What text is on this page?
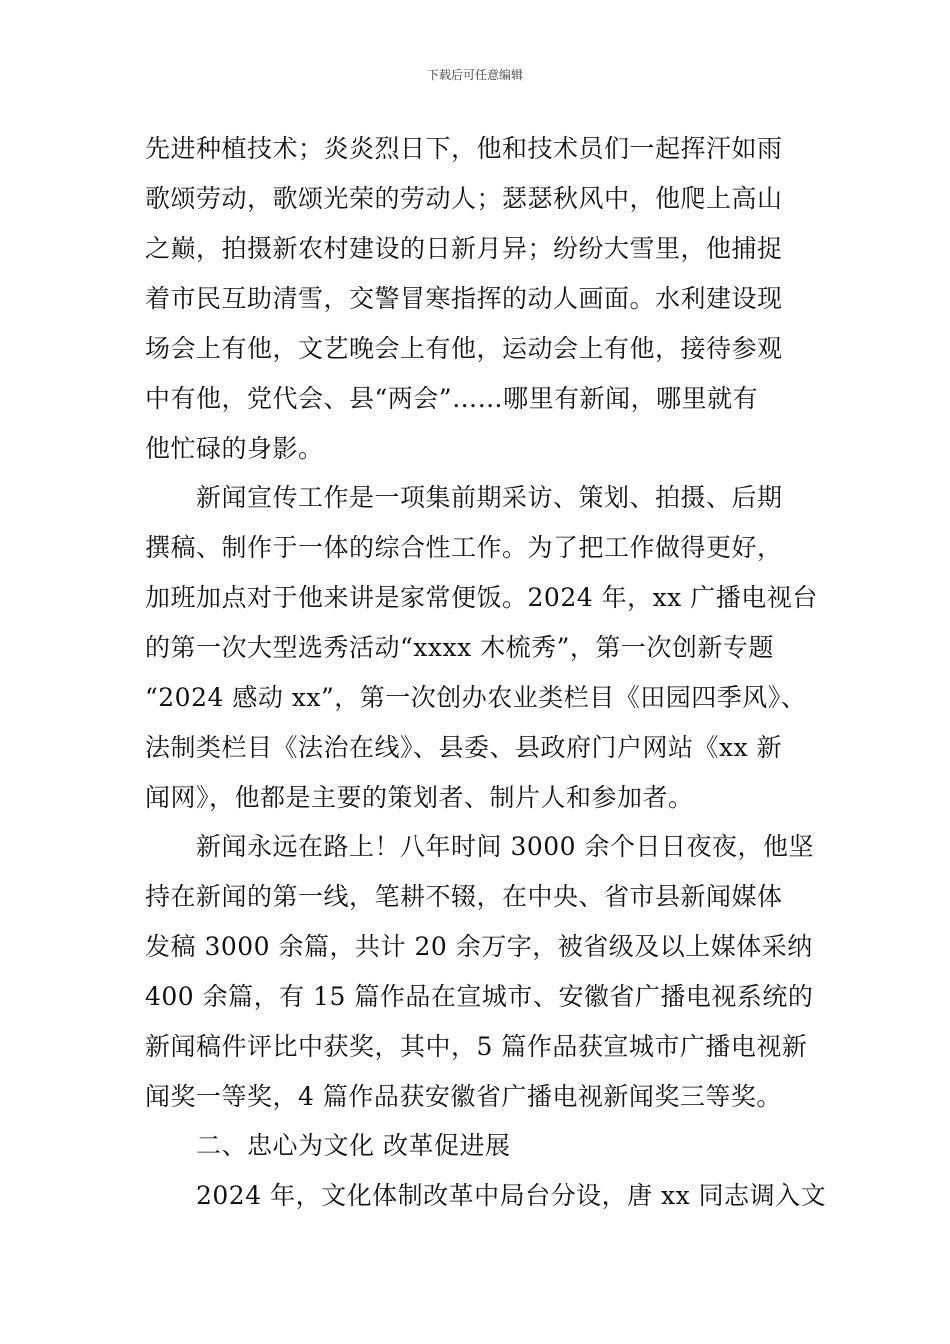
下载后可任意编辑
先进种植技术；炎炎烈日下，他和技术员们一起挥汗如雨
歌颂劳动，歌颂光荣的劳动人；瑟瑟秋风中，他爬上高山
之巅，拍摄新农村建设的日新月异；纷纷大雪里，他捕捉
着市民互助清雪，交警冒寒指挥的动人画面。水利建设现
场会上有他，文艺晚会上有他，运动会上有他，接待参观
中有他，党代会、县“两会”……哪里有新闻，哪里就有
他忙碌的身影。
　　新闻宣传工作是一项集前期采访、策划、拍摄、后期
撰稿、制作于一体的综合性工作。为了把工作做得更好，
加班加点对于他来讲是家常便饭。2024 年，xx 广播电视台
的第一次大型选秀活动“xxxx 木梳秀”，第一次创新专题
“2024 感动 xx”，第一次创办农业类栏目《田园四季风》、
法制类栏目《法治在线》、县委、县政府门户网站《xx 新
闻网》，他都是主要的策划者、制片人和参加者。
　　新闻永远在路上！八年时间 3000 余个日日夜夜，他坚
持在新闻的第一线，笔耕不辍，在中央、省市县新闻媒体
发稿 3000 余篇，共计 20 余万字，被省级及以上媒体采纳
400 余篇，有 15 篇作品在宣城市、安徽省广播电视系统的
新闻稿件评比中获奖，其中，5 篇作品获宣城市广播电视新
闻奖一等奖，4 篇作品获安徽省广播电视新闻奖三等奖。
　　二、忠心为文化 改革促进展
　　2024 年，文化体制改革中局台分设，唐 xx 同志调入文
